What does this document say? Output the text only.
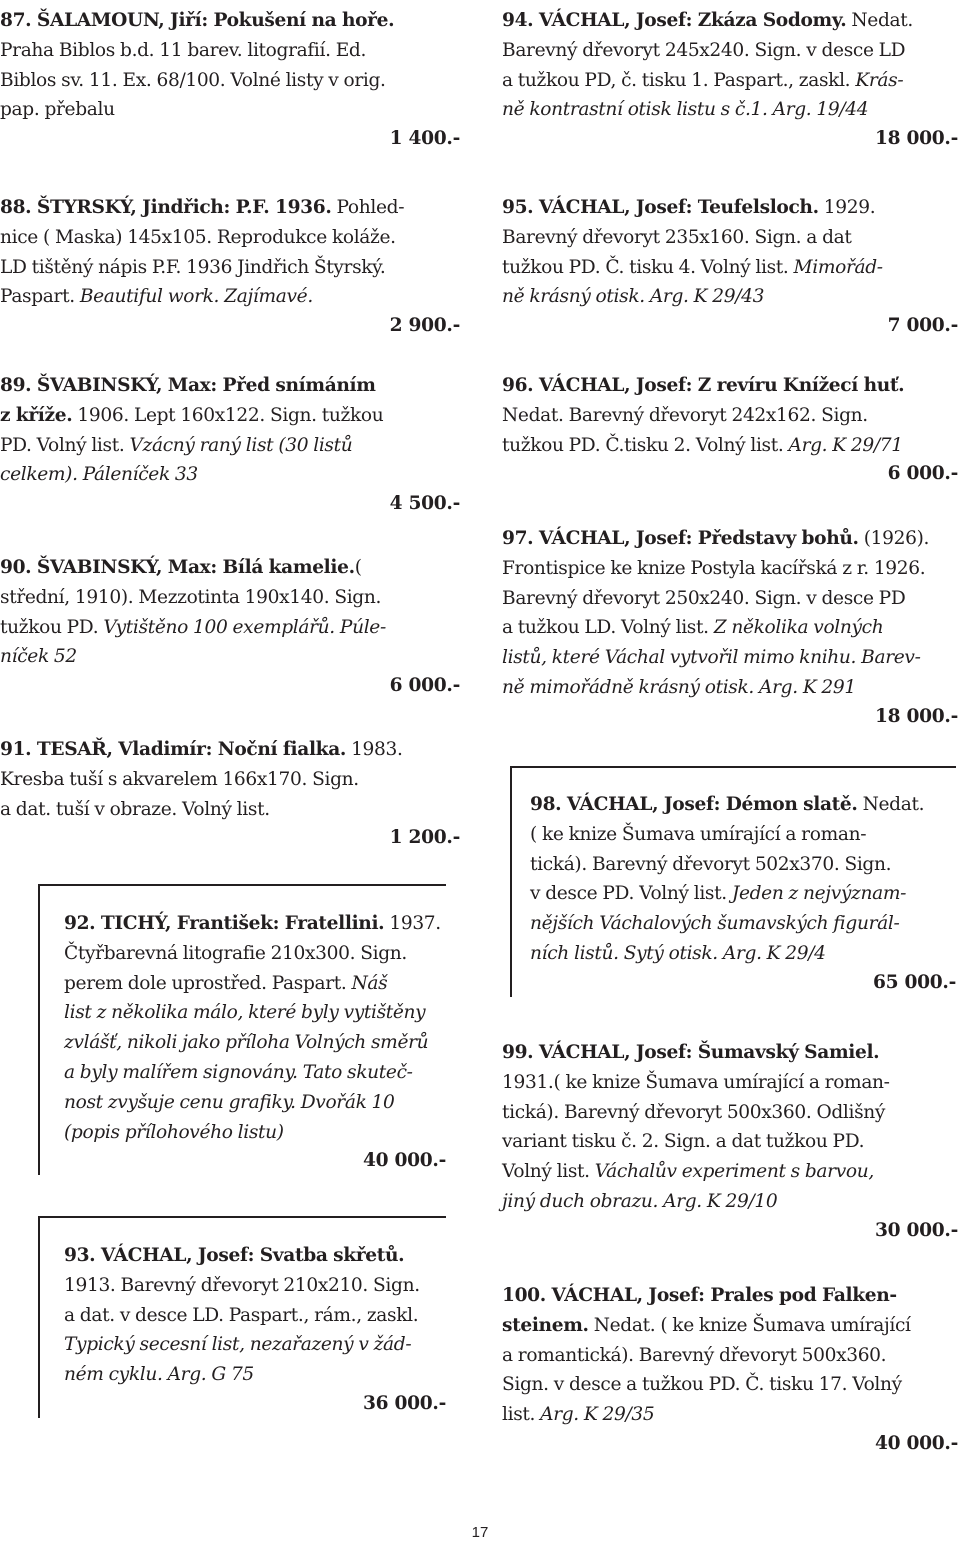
87. ŠALAMOUN, Jiří: Pokušení na hoře.
Praha Biblos b.d. 11 barev. litografií. Ed.
Biblos sv. 11. Ex. 68/100. Volné listy v orig.
pap. přebalu

1 400.-

88. ŠTYRSKÝ, Jindřich: P.F. 1936. Pohled-
nice ( Maska) 145x105. Reprodukce koláže.
LD tištěný nápis P.F. 1936 Jindřich Štyrský.
Paspart. Beautiful work. Zajímavé.

2 900.-

89. ŠVABINSKÝ, Max: Před snímáním
z kříže. 1906. Lept 160x122. Sign. tužkou
PD. Volný list. Vzácný raný list (30 listů
celkem). Páleníček 33

4 500.-

90. ŠVABINSKÝ, Max: Bílá kamelie.(
střední, 1910). Mezzotinta 190x140. Sign.
tužkou PD. Vytištěno 100 exemplářů. Púle-
níček 52

6 000.-

91. TESAŘ, Vladimír: Noční fialka. 1983.
Kresba tuší s akvarelem 166x170. Sign.
a dat. tuší v obraze. Volný list.

1 200.-

92. TICHÝ, František: Fratellini. 1937.
Čtyřbarevná litografie 210x300. Sign.
perem dole uprostřed. Paspart. Náš
list z několika málo, které byly vytištěny
zvlášť, nikoli jako příloha Volných směrů
a byly malířem signovány. Tato skuteč-
nost zvyšuje cenu grafiky. Dvořák 10
(popis přílohového listu)

40 000.-

93. VÁCHAL, Josef: Svatba skřetů.
1913. Barevný dřevoryt 210x210. Sign.
a dat. v desce LD. Paspart., rám., zaskl.
Typický secesní list, nezařazený v žád-
ném cyklu. Arg. G 75

36 000.-

94. VÁCHAL, Josef: Zkáza Sodomy. Nedat.
Barevný dřevoryt 245x240. Sign. v desce LD
a tužkou PD, č. tisku 1. Paspart., zaskl. Krás-
ně kontrastní otisk listu s č.1. Arg. 19/44

18 000.-

95. VÁCHAL, Josef: Teufelsloch. 1929.
Barevný dřevoryt 235x160. Sign. a dat
tužkou PD. Č. tisku 4. Volný list. Mimořád-
ně krásný otisk. Arg. K 29/43

7 000.-

96. VÁCHAL, Josef: Z revíru Knížecí huť.
Nedat. Barevný dřevoryt 242x162. Sign.
tužkou PD. Č.tisku 2. Volný list. Arg. K 29/71

6 000.-

97. VÁCHAL, Josef: Představy bohů. (1926).
Frontispice ke knize Postyla kacířská z r. 1926.
Barevný dřevoryt 250x240. Sign. v desce PD
a tužkou LD. Volný list. Z několika volných
listů, které Váchal vytvořil mimo knihu. Barev-
ně mimořádně krásný otisk. Arg. K 291

18 000.-

98. VÁCHAL, Josef: Démon slatě. Nedat.
( ke knize Šumava umírající a roman-
tická). Barevný dřevoryt 502x370. Sign.
v desce PD. Volný list. Jeden z nejvýznam-
nějších Váchalových šumavských figurál-
ních listů. Sytý otisk. Arg. K 29/4

65 000.-

99. VÁCHAL, Josef: Šumavský Samiel.
1931.( ke knize Šumava umírající a roman-
tická). Barevný dřevoryt 500x360. Odlišný
variant tisku č. 2. Sign. a dat tužkou PD.
Volný list. Váchalův experiment s barvou,
jiný duch obrazu. Arg. K 29/10

30 000.-

100. VÁCHAL, Josef: Prales pod Falken-
steinem. Nedat. ( ke knize Šumava umírající
a romantická). Barevný dřevoryt 500x360.
Sign. v desce a tužkou PD. Č. tisku 17. Volný
list. Arg. K 29/35

40 000.-
17
